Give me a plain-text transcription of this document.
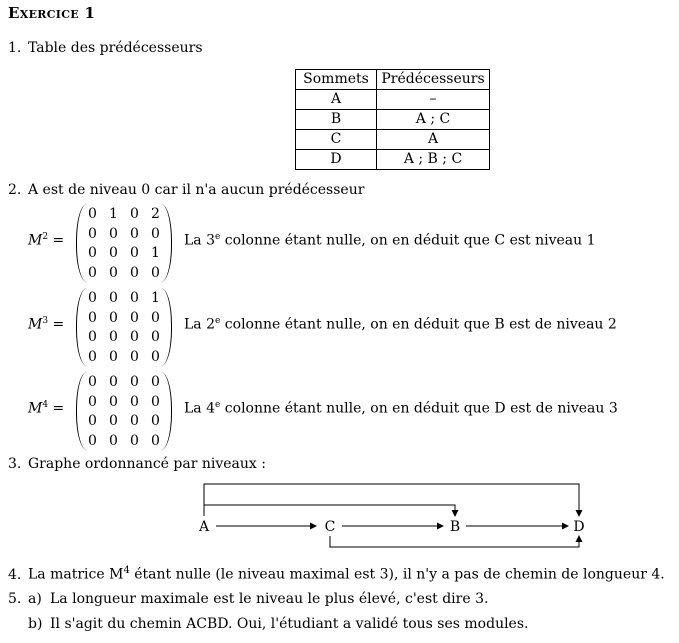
Exercice 1
1. Table des prédécesseurs
Sommets	Prédécesseurs
A	–
B	A ; C
C	A
D	A ; B ; C
2. A est de niveau 0 car il n'a aucun prédécesseur
$M^2$ =
0 1 0 2
0 0 0 0
0 0 0 1
0 0 0 0
La 3e colonne étant nulle, on en déduit que C est niveau 1
$M^3$ =
0 0 0 1
0 0 0 0
0 0 0 0
0 0 0 0
La 2e colonne étant nulle, on en déduit que B est de niveau 2
$M^4$ =
0 0 0 0
0 0 0 0
0 0 0 0
0 0 0 0
La 4e colonne étant nulle, on en déduit que D est de niveau 3
3. Graphe ordonnancé par niveaux :
A	C	B	D
4. La matrice $M^4$ étant nulle (le niveau maximal est 3), il n'y a pas de chemin de longueur 4.
5. a) La longueur maximale est le niveau le plus élevé, c'est dire 3.
b) Il s'agit du chemin ACBD. Oui, l'étudiant a validé tous ses modules.
